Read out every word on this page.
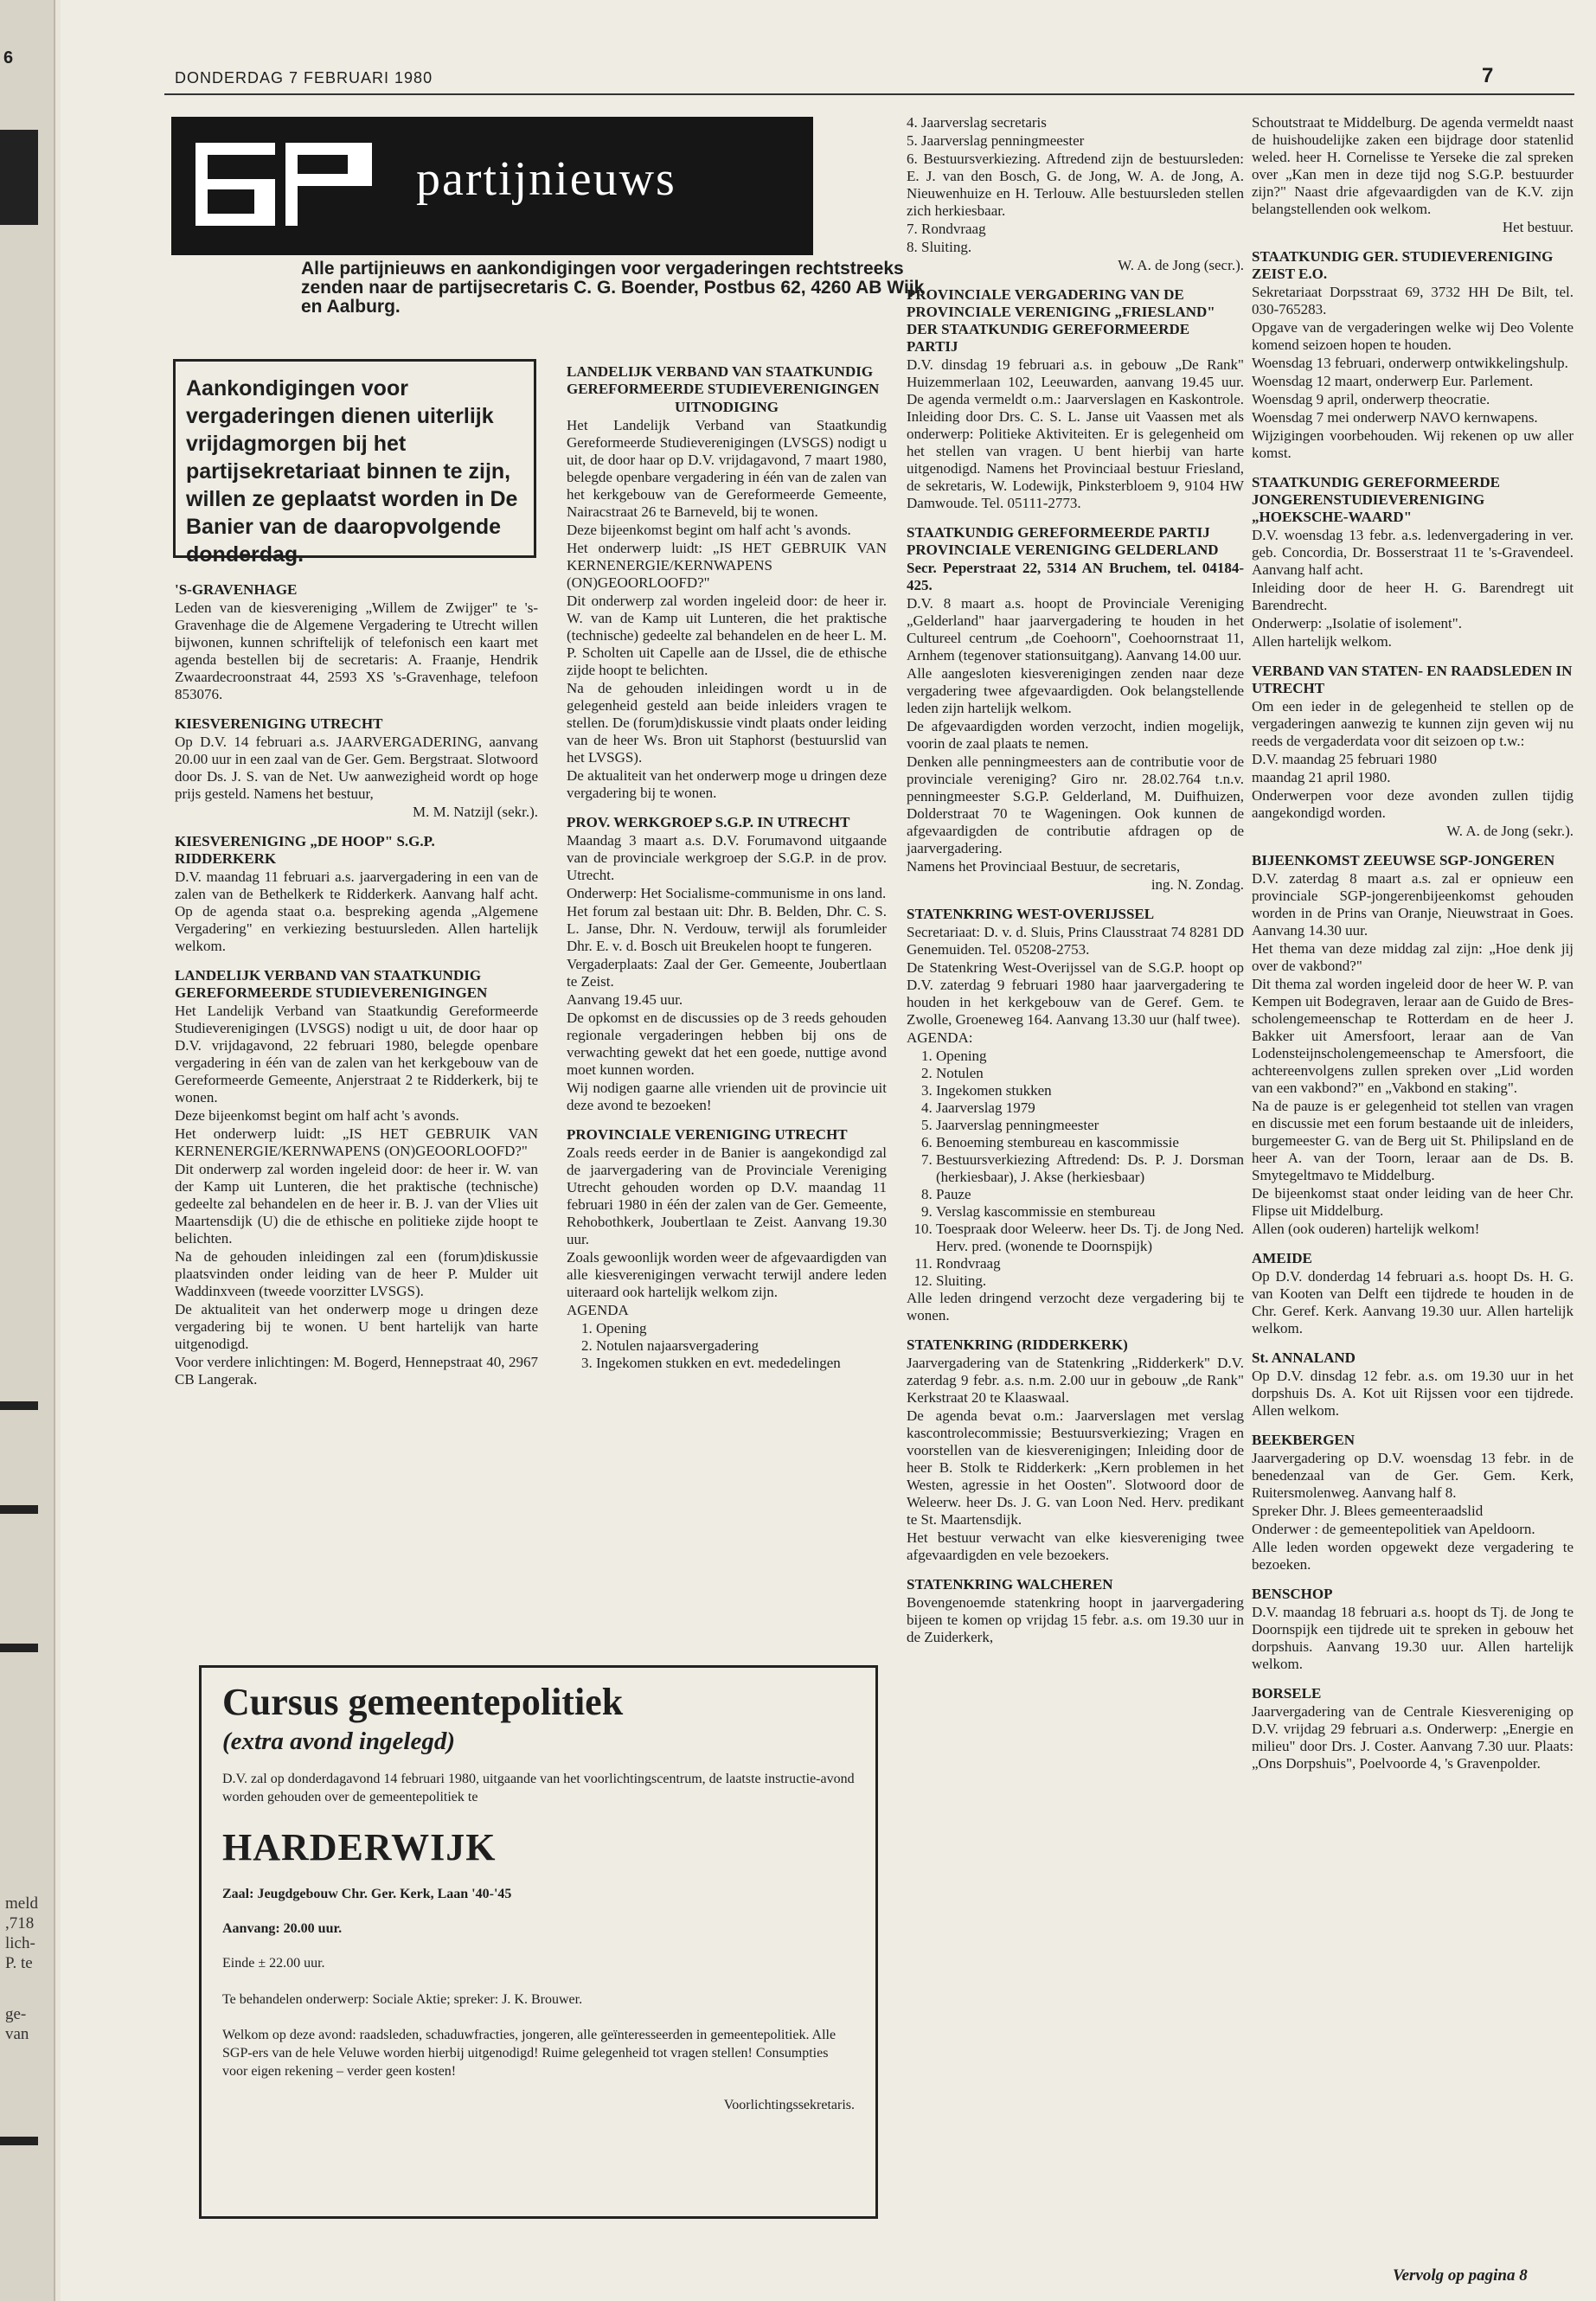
6
meld
,718
lich-
P. te
ge-
van
DONDERDAG 7 FEBRUARI 1980	7
partijnieuws
Alle partijnieuws en aankondigingen voor vergaderingen rechtstreeks zenden naar de partijsecretaris C. G. Boender, Postbus 62, 4260 AB Wijk en Aalburg.
Aankondigingen voor vergaderingen dienen uiterlijk vrijdagmorgen bij het partijsekretariaat binnen te zijn, willen ze geplaatst worden in De Banier van de daaropvolgende donderdag.

'S-GRAVENHAGE

Leden van de kiesvereniging „Willem de Zwijger" te 's-Gravenhage die de Algemene Vergadering te Utrecht willen bijwonen, kunnen schriftelijk of telefonisch een kaart met agenda bestellen bij de secretaris: A. Fraanje, Hendrik Zwaardecroonstraat 44, 2593 XS 's-Gravenhage, telefoon 853076.

KIESVERENIGING UTRECHT

Op D.V. 14 februari a.s. JAARVERGADERING, aanvang 20.00 uur in een zaal van de Ger. Gem. Bergstraat. Slotwoord door Ds. J. S. van de Net. Uw aanwezigheid wordt op hoge prijs gesteld. Namens het bestuur,

M. M. Natzijl (sekr.).

KIESVERENIGING „DE HOOP" S.G.P. RIDDERKERK

D.V. maandag 11 februari a.s. jaarvergadering in een van de zalen van de Bethelkerk te Ridderkerk. Aanvang half acht. Op de agenda staat o.a. bespreking agenda „Algemene Vergadering" en verkiezing bestuursleden. Allen hartelijk welkom.

LANDELIJK VERBAND VAN STAATKUNDIG GEREFORMEERDE STUDIEVERENIGINGEN

Het Landelijk Verband van Staatkundig Gereformeerde Studieverenigingen (LVSGS) nodigt u uit, de door haar op D.V. vrijdagavond, 22 februari 1980, belegde openbare vergadering in één van de zalen van het kerkgebouw van de Gereformeerde Gemeente, Anjerstraat 2 te Ridderkerk, bij te wonen.

Deze bijeenkomst begint om half acht 's avonds.

Het onderwerp luidt: „IS HET GEBRUIK VAN KERNENERGIE/KERNWAPENS (ON)GEOORLOOFD?"

Dit onderwerp zal worden ingeleid door: de heer ir. W. van der Kamp uit Lunteren, die het praktische (technische) gedeelte zal behandelen en de heer ir. B. J. van der Vlies uit Maartensdijk (U) die de ethische en politieke zijde hoopt te belichten.

Na de gehouden inleidingen zal een (forum)diskussie plaatsvinden onder leiding van de heer P. Mulder uit Waddinxveen (tweede voorzitter LVSGS).

De aktualiteit van het onderwerp moge u dringen deze vergadering bij te wonen. U bent hartelijk van harte uitgenodigd.

Voor verdere inlichtingen: M. Bogerd, Hennepstraat 40, 2967 CB Langerak.

LANDELIJK VERBAND VAN STAATKUNDIG GEREFORMEERDE STUDIEVERENIGINGEN

UITNODIGING

Het Landelijk Verband van Staatkundig Gereformeerde Studieverenigingen (LVSGS) nodigt u uit, de door haar op D.V. vrijdagavond, 7 maart 1980, belegde openbare vergadering in één van de zalen van het kerkgebouw van de Gereformeerde Gemeente, Nairacstraat 26 te Barneveld, bij te wonen.

Deze bijeenkomst begint om half acht 's avonds.

Het onderwerp luidt: „IS HET GEBRUIK VAN KERNENERGIE/KERNWAPENS (ON)GEOORLOOFD?"

Dit onderwerp zal worden ingeleid door: de heer ir. W. van de Kamp uit Lunteren, die het praktische (technische) gedeelte zal behandelen en de heer L. M. P. Scholten uit Capelle aan de IJssel, die de ethische zijde hoopt te belichten.

Na de gehouden inleidingen wordt u in de gelegenheid gesteld aan beide inleiders vragen te stellen. De (forum)diskussie vindt plaats onder leiding van de heer Ws. Bron uit Staphorst (bestuurslid van het LVSGS).

De aktualiteit van het onderwerp moge u dringen deze vergadering bij te wonen.

PROV. WERKGROEP S.G.P. IN UTRECHT

Maandag 3 maart a.s. D.V. Forumavond uitgaande van de provinciale werkgroep der S.G.P. in de prov. Utrecht.

Onderwerp: Het Socialisme-communisme in ons land.

Het forum zal bestaan uit: Dhr. B. Belden, Dhr. C. S. L. Janse, Dhr. N. Verdouw, terwijl als forumleider Dhr. E. v. d. Bosch uit Breukelen hoopt te fungeren.

Vergaderplaats: Zaal der Ger. Gemeente, Joubertlaan te Zeist.

Aanvang 19.45 uur.

De opkomst en de discussies op de 3 reeds gehouden regionale vergaderingen hebben bij ons de verwachting gewekt dat het een goede, nuttige avond moet kunnen worden.

Wij nodigen gaarne alle vrienden uit de provincie uit deze avond te bezoeken!

PROVINCIALE VERENIGING UTRECHT

Zoals reeds eerder in de Banier is aangekondigd zal de jaarvergadering van de Provinciale Vereniging Utrecht gehouden worden op D.V. maandag 11 februari 1980 in één der zalen van de Ger. Gemeente, Rehobothkerk, Joubertlaan te Zeist. Aanvang 19.30 uur.

Zoals gewoonlijk worden weer de afgevaardigden van alle kiesverenigingen verwacht terwijl andere leden uiteraard ook hartelijk welkom zijn.

AGENDA

1. Opening
2. Notulen najaarsvergadering
3. Ingekomen stukken en evt. mededelingen

4. Jaarverslag secretaris

5. Jaarverslag penningmeester

6. Bestuursverkiezing. Aftredend zijn de bestuursleden: E. J. van den Bosch, G. de Jong, W. A. de Jong, A. Nieuwenhuize en H. Terlouw. Alle bestuursleden stellen zich herkiesbaar.

7. Rondvraag

8. Sluiting.

W. A. de Jong (secr.).

PROVINCIALE VERGADERING VAN DE PROVINCIALE VERENIGING „FRIESLAND" DER STAATKUNDIG GEREFORMEERDE PARTIJ

D.V. dinsdag 19 februari a.s. in gebouw „De Rank" Huizemmerlaan 102, Leeuwarden, aanvang 19.45 uur. De agenda vermeldt o.m.: Jaarverslagen en Kaskontrole. Inleiding door Drs. C. S. L. Janse uit Vaassen met als onderwerp: Politieke Aktiviteiten. Er is gelegenheid om het stellen van vragen. U bent hierbij van harte uitgenodigd. Namens het Provinciaal bestuur Friesland, de sekretaris, W. Lodewijk, Pinksterbloem 9, 9104 HW Damwoude. Tel. 05111-2773.

STAATKUNDIG GEREFORMEERDE PARTIJ PROVINCIALE VERENIGING GELDERLAND

Secr. Peperstraat 22, 5314 AN Bruchem, tel. 04184-425.

D.V. 8 maart a.s. hoopt de Provinciale Vereniging „Gelderland" haar jaarvergadering te houden in het Cultureel centrum „de Coehoorn", Coehoornstraat 11, Arnhem (tegenover stationsuitgang). Aanvang 14.00 uur.

Alle aangesloten kiesverenigingen zenden naar deze vergadering twee afgevaardigden. Ook belangstellende leden zijn hartelijk welkom.

De afgevaardigden worden verzocht, indien mogelijk, voorin de zaal plaats te nemen.

Denken alle penningmeesters aan de contributie voor de provinciale vereniging? Giro nr. 28.02.764 t.n.v. penningmeester S.G.P. Gelderland, M. Duifhuizen, Dolderstraat 70 te Wageningen. Ook kunnen de afgevaardigden de contributie afdragen op de jaarvergadering.

Namens het Provinciaal Bestuur, de secretaris,

ing. N. Zondag.

STATENKRING WEST-OVERIJSSEL

Secretariaat: D. v. d. Sluis, Prins Clausstraat 74 8281 DD Genemuiden. Tel. 05208-2753.

De Statenkring West-Overijssel van de S.G.P. hoopt op D.V. zaterdag 9 februari 1980 haar jaarvergadering te houden in het kerkgebouw van de Geref. Gem. te Zwolle, Groeneweg 164. Aanvang 13.30 uur (half twee).

AGENDA:

1. Opening
2. Notulen
3. Ingekomen stukken
4. Jaarverslag 1979
5. Jaarverslag penningmeester
6. Benoeming stembureau en kascommissie
7. Bestuursverkiezing Aftredend: Ds. P. J. Dorsman (herkiesbaar), J. Akse (herkiesbaar)
8. Pauze
9. Verslag kascommissie en stembureau
10. Toespraak door Weleerw. heer Ds. Tj. de Jong Ned. Herv. pred. (wonende te Doornspijk)
11. Rondvraag
12. Sluiting.

Alle leden dringend verzocht deze vergadering bij te wonen.

STATENKRING (RIDDERKERK)

Jaarvergadering van de Statenkring „Ridderkerk" D.V. zaterdag 9 febr. a.s. n.m. 2.00 uur in gebouw „de Rank" Kerkstraat 20 te Klaaswaal.

De agenda bevat o.m.: Jaarverslagen met verslag kascontrolecommissie; Bestuursverkiezing; Vragen en voorstellen van de kiesverenigingen; Inleiding door de heer B. Stolk te Ridderkerk: „Kern problemen in het Westen, agressie in het Oosten". Slotwoord door de Weleerw. heer Ds. J. G. van Loon Ned. Herv. predikant te St. Maartensdijk.

Het bestuur verwacht van elke kiesvereniging twee afgevaardigden en vele bezoekers.

STATENKRING WALCHEREN

Bovengenoemde statenkring hoopt in jaarvergadering bijeen te komen op vrijdag 15 febr. a.s. om 19.30 uur in de Zuiderkerk,

Schoutstraat te Middelburg. De agenda vermeldt naast de huishoudelijke zaken een bijdrage door statenlid weled. heer H. Cornelisse te Yerseke die zal spreken over „Kan men in deze tijd nog S.G.P. bestuurder zijn?" Naast drie afgevaardigden van de K.V. zijn belangstellenden ook welkom.

Het bestuur.

STAATKUNDIG GER. STUDIEVERENIGING ZEIST E.O.

Sekretariaat Dorpsstraat 69, 3732 HH De Bilt, tel. 030-765283.

Opgave van de vergaderingen welke wij Deo Volente komend seizoen hopen te houden.

Woensdag 13 februari, onderwerp ontwikkelingshulp.

Woensdag 12 maart, onderwerp Eur. Parlement.

Woensdag 9 april, onderwerp theocratie.

Woensdag 7 mei onderwerp NAVO kernwapens.

Wijzigingen voorbehouden. Wij rekenen op uw aller komst.

STAATKUNDIG GEREFORMEERDE JONGERENSTUDIEVERENIGING „HOEKSCHE-WAARD"

D.V. woensdag 13 febr. a.s. ledenvergadering in ver. geb. Concordia, Dr. Bosserstraat 11 te 's-Gravendeel. Aanvang half acht.

Inleiding door de heer H. G. Barendregt uit Barendrecht.

Onderwerp: „Isolatie of isolement".

Allen hartelijk welkom.

VERBAND VAN STATEN- EN RAADSLEDEN IN UTRECHT

Om een ieder in de gelegenheid te stellen op de vergaderingen aanwezig te kunnen zijn geven wij nu reeds de vergaderdata voor dit seizoen op t.w.:

D.V. maandag 25 februari 1980

maandag 21 april 1980.

Onderwerpen voor deze avonden zullen tijdig aangekondigd worden.

W. A. de Jong (sekr.).

BIJEENKOMST ZEEUWSE SGP-JONGEREN

D.V. zaterdag 8 maart a.s. zal er opnieuw een provinciale SGP-jongerenbijeenkomst gehouden worden in de Prins van Oranje, Nieuwstraat in Goes. Aanvang 14.30 uur.

Het thema van deze middag zal zijn: „Hoe denk jij over de vakbond?"

Dit thema zal worden ingeleid door de heer W. P. van Kempen uit Bodegraven, leraar aan de Guido de Bres-scholengemeenschap te Rotterdam en de heer J. Bakker uit Amersfoort, leraar aan de Van Lodensteijnscholengemeenschap te Amersfoort, die achtereenvolgens zullen spreken over „Lid worden van een vakbond?" en „Vakbond en staking".

Na de pauze is er gelegenheid tot stellen van vragen en discussie met een forum bestaande uit de inleiders, burgemeester G. van de Berg uit St. Philipsland en de heer A. van der Toorn, leraar aan de Ds. B. Smytegeltmavo te Middelburg.

De bijeenkomst staat onder leiding van de heer Chr. Flipse uit Middelburg.

Allen (ook ouderen) hartelijk welkom!

AMEIDE

Op D.V. donderdag 14 februari a.s. hoopt Ds. H. G. van Kooten van Delft een tijdrede te houden in de Chr. Geref. Kerk. Aanvang 19.30 uur. Allen hartelijk welkom.

St. ANNALAND

Op D.V. dinsdag 12 febr. a.s. om 19.30 uur in het dorpshuis Ds. A. Kot uit Rijssen voor een tijdrede. Allen welkom.

BEEKBERGEN

Jaarvergadering op D.V. woensdag 13 febr. in de benedenzaal van de Ger. Gem. Kerk, Ruitersmolenweg. Aanvang half 8.

Spreker Dhr. J. Blees gemeenteraadslid

Onderwer : de gemeentepolitiek van Apeldoorn.

Alle leden worden opgewekt deze vergadering te bezoeken.

BENSCHOP

D.V. maandag 18 februari a.s. hoopt ds Tj. de Jong te Doornspijk een tijdrede uit te spreken in gebouw het dorpshuis. Aanvang 19.30 uur. Allen hartelijk welkom.

BORSELE

Jaarvergadering van de Centrale Kiesvereniging op D.V. vrijdag 29 februari a.s. Onderwerp: „Energie en milieu" door Drs. J. Coster. Aanvang 7.30 uur. Plaats: „Ons Dorpshuis", Poelvoorde 4, 's Gravenpolder.

Cursus gemeentepolitiek

(extra avond ingelegd)

D.V. zal op donderdagavond 14 februari 1980, uitgaande van het voorlichtingscentrum, de laatste instructie-avond worden gehouden over de gemeentepolitiek te

HARDERWIJK

Zaal: Jeugdgebouw Chr. Ger. Kerk, Laan '40-'45

Aanvang: 20.00 uur.

Einde ± 22.00 uur.

Te behandelen onderwerp: Sociale Aktie; spreker: J. K. Brouwer.

Welkom op deze avond: raadsleden, schaduwfracties, jongeren, alle geïnteresseerden in gemeentepolitiek. Alle SGP-ers van de hele Veluwe worden hierbij uitgenodigd! Ruime gelegenheid tot vragen stellen! Consumpties voor eigen rekening – verder geen kosten!

Voorlichtingssekretaris.

Vervolg op pagina 8
